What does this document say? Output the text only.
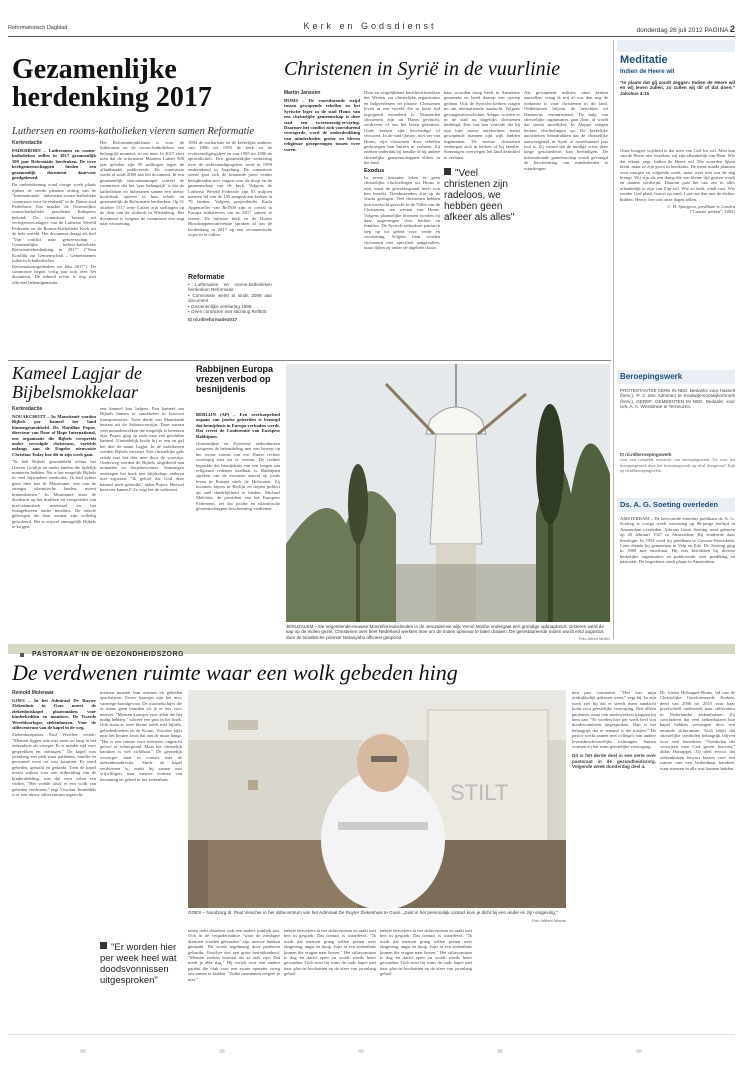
Reformatorisch Dagblad	Kerk en Godsdienst	donderdag 26 juli 2012 PAGINA 2
Gezamenlijke herdenking 2017
Luthersen en rooms-katholieken vieren samen Reformatie
Kerkredactie
PADERBORN – Lutheranen en rooms-katholieken zullen in 2017 gezamenlijk 500 jaar Reformatie herdenken. De twee kerkgemeenschappen bieden een gezamenlijk document daarvoor goedgekeurd.
De ondertekening vond vorige week plaats tijdens de vierde plenaire zitting van de "Internationale lutheraans-rooms-katholieke commissie voor de eenheid" in de Duitse stad Paderborn. Dat maakte de Oostenrijkse rooms-katholieke persdienst Kathpress bekend. De commissie bestaat uit vertegenwoordigers van de Lutherse Wereld Federatie en de Rooms-Katholieke Kerk uit de hele wereld. Het document draagt als titel "Van conflict naar gemeenschap – Gezamenlijke luthers-katholieke Reformatieherdenking in 2017" ("Vom Konflikt zur Gemeinschaft – Gemeinsames lutherisch-katholisches Reformationsgedenken im Jahr 2017"). De commissie begon vorig jaar ook over het document. De inhoud ervan is nog niet officieel bekendgemaakt.
Het Reformatiejubileum is voor de lutheranen en de rooms-katholieken een belangrijk moment, zo zei men. In 2017 viert men dat de reformator Maarten Luther 500 jaar geleden zijn 95 stellingen tegen de aflaathandel publiceerde. De commissie werkt al sinds 2009 aan het document. In een gezamenlijk slotcommuniqué schreef de commissie dat het 'zeer belangrijk' is dat de katholieken en lutheranen samen een nieuw hoofdstuk openen in hun relatie en gezamenlijk de Reformatie herdenken. Op 31 oktober 1517 zette Luther zijn stellingen op de deur van de slotkerk in Wittenberg. Het document is volgens de commissie een stap naar verzoening.
1994 de eucharistie en de kerkelijke ambten, van 1996 tot 1993 de kerk en de rechtvaardigingsleer en van 1995 tot 2006 de apostoliciteit. Een gezamenlijke verklaring over de rechtvaardigingsleer werd in 1999 ondertekend in Augsburg. De commissie wenst gaat zich de komende jaren verder bezighouden met vragen over de doop en de gemeenschap van de kerk. Volgens de Lutherse Wereld Federatie zijn 65 miljoen mensen lid van de 145 aangesloten kerken in 79 landen. Volgens projectleider Karla Appenzeller van Ref500 zijn er overal in Europa initiatieven om in 2017 samen te vieren. De lutherse kerk en de Duitse Bisschoppenconferentie spraken af om de herdenking in 2017 op een oecumenische wijze in te vullen.
Reformatie
• Lutheranen en rooms-katholieken herdenken Reformatie
• Commissie werkt al sinds 2009 aan document
• Gezamenlijke verklaring 1999
• Geen contacten met stichting Ref500
⊡ rd.nl/reformatie2017
Christenen in Syrië in de vuurlinie
Martin Janssen
HOMS – De voortdurende strijd tussen gewapende rebellen en het Syrische leger in de stad Homs van een christelijke gemeenschap is deze stad een tweeënzestig-ervaring. Daarmee het conflict zich voortdurend verergerde, werd de onderdrukking van minderheden groter en bleven religieuze groeperingen tussen twee vuren.
Deze en vergelijkbare berichten bereiken het Westen via christelijke organisaties en hulpverleners ter plaatse. Christenen leven in een wereld die in korte tijd ingrijpend veranderd is. Duizenden christenen zijn uit Homs gevlucht, verdreven of om het leven gekomen. Oude kerken zijn beschadigd of verwoest. In de stad Qusayr, niet ver van Homs, zijn christenen door rebellen gedwongen hun huizen te verlaten. Zij zoeken onderdak bij familie of bij andere christelijke gemeenschappen elders in het land.
Exodus
In eerste instantie leken er geen christelijke vluchtelingen uit Homs te zijn, maar de geweldsspiraal heeft ook hen bereikt. Tienduizenden zijn op de vlucht geslagen. Veel christenen hebben hun toevlucht gezocht in de Vallei van de Christenen, ten westen van Homs. Volgens plaatselijke bronnen worden zij daar opgevangen door kerken en families. De Syrisch-orthodoxe patriarch riep op tot gebed voor vrede en verzoening. Volgens hem worden christenen niet specifiek aangevallen, maar lijden zij onder de algehele chaos.
haar woorden terug heeft in Armeense gemeente en heeft daarop een oproep gedaan. Ook de Syrische kerken vragen nu om internationale aandacht. Volgens gevangenisvoorlichter Aleppo worden er in de stad nu dagelijks christenen bedreigd. Een van hen vertelde dat hij zijn huis moest ontvluchten, nadat gewapende mannen zijn wijk hadden ingenomen. De meeste christenen verbergen zich in kerken of bij familie. Sommigen overwegen het land definitief te verlaten.
"Veel christenen zijn radeloos, we hebben geen afkeer als alles"
Als gewapende milities onze kerken aanvallen, vraag ik mij af wat dan nog de toekomst is voor christenen in dit land. Ondertussen blijven de berichten uit Damascus verontrustend. De hulp van christelijke organisaties gaat door, al wordt dat steeds moeilijker. In Aleppo vangen kerken vluchtelingen op. De kerkelijke autoriteiten benadrukken dat de christelijke aanwezigheid in Syrië al tweeduizend jaar oud is. Zij vrezen dat de huidige crisis deze lange geschiedenis kan beëindigen. De internationale gemeenschap wordt gevraagd de bescherming van minderheden te waarborgen.
Meditatie
Indien de Heere wil
"In plaats dat gij zoudt zeggen: Indien de Heere wil en wij leven zullen, zo zullen wij dit of dat doen." Jakobus 4:15
Onze hoogste wijsheid is dat men van God los wil. Men kan van de Heere niet losraken; wij zijn afhankelijk van Hem. Wie dat erkent, zegt: Indien de Heere wil. Die woorden lijken klein, maar ze zijn groot in betekenis. De mens maakt plannen voor morgen en volgende week, maar weet niet wat de dag brengt. Wij zijn als een damp die een kleine tijd gezien wordt en daarna verdwijnt. Daarom past het ons om in alles afhankelijk te zijn van Zijn wil. Wie zo leeft, vindt rust. Wie zonder God plant, bouwt op zand. Laat ons dan met de dichter bidden: Heere, leer ons onze dagen tellen.
C. H. Spurgeon, predikant te Londen
("Laatste preken", 1892)
Beroepingswerk
PROTESTANTSE KERK IN NED. Bedankt: voor Hasselt (herv.), P. J. den Admirant te Koolwijk-Kootwijkerbroek (herv.). GEREF. GEMEENTEN IN NED. Bedankt: voor Urk, A. A. Weststrate te Terneuzen.
⊡ rd.nl/beroepingswerk
voor een compleet overzicht van beroepingswerk. Ga voor het beroepingswerk door het beroepingswerk op rd.nl doorgeven? Kijk op rd.nl/beroepingswerk
Ds. A. G. Soeting overleden
AMSTERDAM – De hervormde emeritus predikant ds. A. G. Soeting is vorige week woensdag op 86-jarige leeftijd in Amsterdam overleden. Adriaan Gerrit Soeting werd geboren op 25 februari 1927 in Amsterdam. Hij studeerde daar theologie. In 1954 werd hij predikant te Giessen-Nieuwkerk. Later diende hij gemeenten in Velp en Ede. Ds. Soeting ging in 1989 met emeritaat. Hij was betrokken bij diverse kerkelijke organisaties en publiceerde over prediking en pastoraat. De begrafenis vindt plaats in Amsterdam.
Kameel Lagjar de Bijbelsmokkelaar
Kerkredactie
NOUAKCHOTT – In Mauritanië worden Bijbels per kameel het land binnengesmokkeld. Dr. Harallan Popov, directeur van Door of Hope International, een organisatie die Bijbels verspreidt onder vervolgde christenen, vertelde onlangs aan de Engelse nieuwssite Christian Today hoe dit in zijn werk gaat.
"Ik heb Bijbels gesmokkeld achter het IJzeren Gordijn en onder landen die tijdelijk manieren hadden. Nu is het mogelijk Bijbels in veel bijzondere methodes. Ik had echter geen idee hoe ik Mauritanië, een van de strengst islamitische landen, moest binnenkomen." In Mauritanië staat de doodstraf op het drukken en verspreiden van niet-islamitisch materiaal en het evangeliseren onder moslims. De enkele gelovigen die daar wonen, zijn volledig geïsoleerd. Het is vrijwel onmogelijk Bijbels te krijgen.
een kameel kon helpen. Een kameel om Bijbels binnen te smokkelen in konvooi transportroutes. Twee derde van Mauritanië bestaat uit de Saharawoestijn. Daar wonen veel nomadenvolken die mogelijk te bereiken zijn. Popov ging op zoek naar een geschikte kameel. Uiteindelijk kocht hij er een en gaf het dier de naam Lagjar. In de zadeltassen werden Bijbels verstopt. Een christelijke gids reisde met het dier mee door de woestijn. Onderweg werden de Bijbels uitgedeeld aan nomaden en dorpsbewoners. Sommigen ontvingen het boek met blijdschap, anderen met argwaan. "Ik geloof dat God deze kameel heeft gebruikt," aldus Popov. Hoewel kent een kameel? Zo zegt het de toekomst.
Rabbijnen Europa vrezen verbod op besnijdenis
BERLIJN (AP) – Een overkoepelend orgaan van joodse geleerden is bezorgd dat besnijdenis in Europa verboden wordt. Dat vreest de Conferentie van Europese Rabbijnen.
Oostenrijkse en Zwitserse ziekenhuizen weigeren de behandeling met een beroep op het recent vonnis van een Duitse rechter voorlopig niet uit te voeren. De rechter bepaalde dat besnijdenis van een jongen om religieuze redenen strafbaar is. Rabbijnen spreken van de zwaarste aanval op joods leven in Europa sinds de Holocaust. Zij kwamen bijeen in Berlijn en riepen politici op snel duidelijkheid te bieden. Michael Melchior, de president van het Europees Parlement, zei dat joodse en islamitische gemeenschappen bescherming verdienen.
JERUZALEM – De negentiende-eeuwse Montefiorewindmolen in de Jeruzalemse wijk Yemin Moshe ondergaat een grondige opknapbeurt. Gisteren werd de kap op de molen gezet. Christenen over heel Nederland werkten mee om de molen opnieuw te laten draaien. De gerestaureerde molen wordt eind augustus door de Israëlische premier Netanyahu officieel geopend.	Foto Alfred Muller
PASTORAAT IN DE GEZONDHEIDSZORG
De verdwenen ruimte waar een wolk gebeden hing
Reinold Molenaar
GOES – In het Admiraal De Ruyter Ziekenhuis in Goes moest de ziekenhuiskapel plaatsmaken voor kinderbedden en monitors. De Tweede Wereldoorlogse ziekenhuizen. Voor de stiltecentrum van de kapel in de weg.
Ziekenhuispastor Paul Visscher vertelt: "Mensen liggen ook niet meer zo lang in het ziekenhuis als vroeger. Er is minder tijd voor gesprekken en vieringen." De kapel was jarenlang een plek waar patiënten, familie en personeel even tot rust kwamen. Er werd gebeden, gehuild en gedankt. Toen de kapel moest wijken voor een uitbreiding van de kinderafdeling, was dat voor velen een verlies. "Het voelde alsof er een wolk van gebeden verdween," zegt Visscher. Inmiddels is er een nieuw stiltecentrum ingericht.
mensen muziek hun wensen en gebeden opschrijven. Eerste kaarsjes zijn het niet, vanwege brandgevaar. De waxinelichtjes die er staan, gaan branden als je er iets voor neerzet. "Mensen kaarsjes voor allen die het nodig hebben," schreef een gast in het boek. Ook staan er twee kleine tafels met bijbels, gebedenboeken en de Koran. Visscher kijkt naar het houten kruis dat aan de muur hangt. "Het is een ruimte voor iedereen, ongeacht geloof of achtergrond. Maar het christelijk karakter is wel zichtbaar." De geestelijk verzorger staat in contact met de ziekenhuisdirectie. Sinds de kapel verdwenen is, zoekt hij samen met vrijwilligers naar nieuwe vormen van bezinning en gebed in het ziekenhuis.
"Er worden hier per week heel wat doodsvonnissen uitgesproken"
STILT
GOES – Noodzorg dr. Paul Visscher in het stiltecentrum van het Admiraal De Ruyter Ziekenhuis te Goes. „Juist in het persoonlijk contact kom je dicht bij een ander en zijn omgeving."
Foto Willem Mieras
tenen trekt daardoor ook een andere publiek aan. Ook in de vergaderruimte "waar de zondagse diensten worden gehouden" zijn nieuwe banken gemaakt. Dit wordt regelmatig door patiënten gebruikt. Visscher ziet een grote betrokkenheid. "Mensen zoeken houvast als ze ziek zijn. Dat merk je elke dag." Hij vertelt over een oudere patiënt die vlak voor een zware operatie vroeg om samen te bidden. "Zulke momenten vergeet je niet."
enkele bezoekers in het stiltecentrum en raakt met hen in gesprek. Dat contact is waardevol. "Ik merk dat mensen graag willen praten over zingeving, angst en hoop. Juist in een ziekenhuis komen die vragen naar boven." Het stiltecentrum is dag en nacht open en wordt steeds beter gevonden. Toch mist hij soms de oude kapel met haar glas-in-loodramen en de sfeer van jarenlang gebed.
enkele bezoekers in het stiltecentrum en raakt met hen in gesprek. Dat contact is waardevol. "Ik merk dat mensen graag willen praten over zingeving, angst en hoop. Juist in een ziekenhuis komen die vragen naar boven." Het stiltecentrum is dag en nacht open en wordt steeds beter gevonden. Toch mist hij soms de oude kapel met haar glas-in-loodramen en de sfeer van jarenlang gebed.
tien jaar voortzette. "Het was mijn uitdrukkelijk gekozen wens," zegt hij. In zijn werk ziet hij dat er steeds meer aandacht komt voor geestelijke verzorging. Niet alleen patiënten, maar ook medewerkers kloppen bij hem aan. "Er worden hier per week heel wat doodsvonnissen uitgesproken. Dan is het belangrijk dat er iemand is die luistert." De pastor werkt samen met collega's van andere levensbeschouwelijke richtingen. Samen vormen zij het team geestelijke verzorging.
Dit is het derde deel in een serie over pastoraat in de gezondheidszorg. Volgende week donderdag deel 4.
Dr. Jorien Holsappel-Brons, lid van de Christelijke Gereformeerde Kerken, deed van 2006 tot 2010 voor haar proefschrift onderzoek naar stiltecentra in Nederlandse ziekenhuizen. Zij concludeert dat veel ziekenhuizen hun kapel hebben vervangen door een neutrale stilteruimte. Toch blijkt dat christelijke symbolen belangrijk blijven voor veel bezoekers. "Symbolen die verwijzen naar God geven houvast," aldus Holsappel. Zij pleit ervoor dat ziekenhuizen bewust kiezen voor een ruimte met een herkenbaar karakter, waar mensen in alle rust kunnen bidden.
